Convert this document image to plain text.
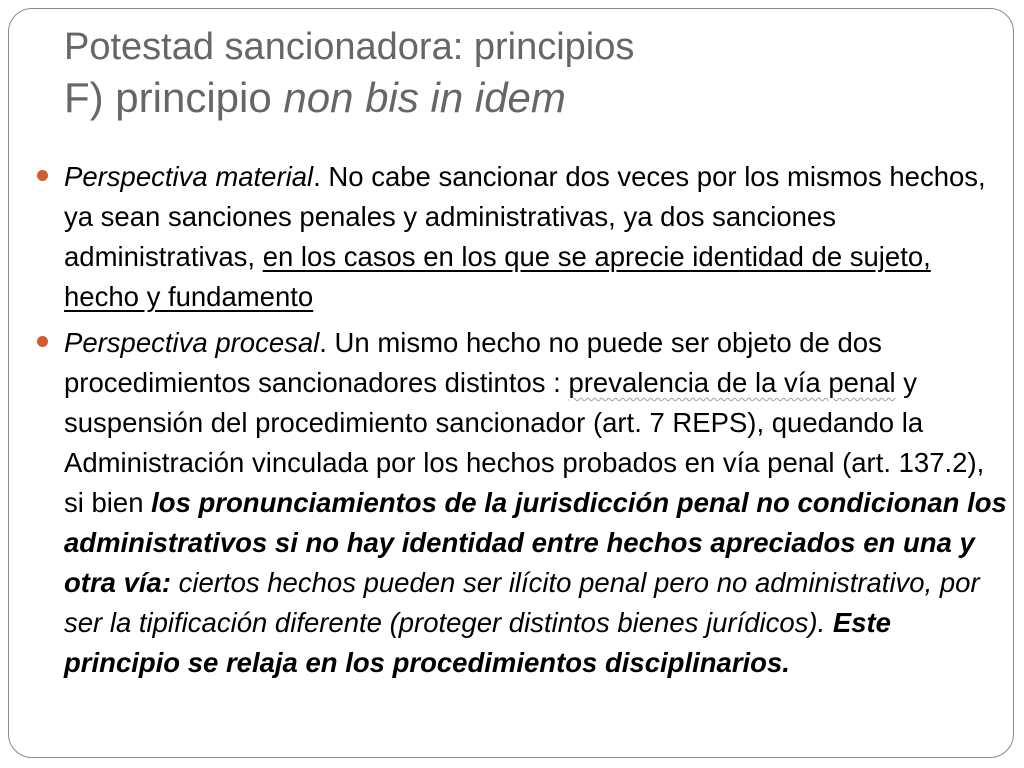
Potestad sancionadora: principios
F) principio non bis in idem
Perspectiva material. No cabe sancionar dos veces por los mismos hechos, ya sean sanciones penales y administrativas, ya dos sanciones administrativas, en los casos en los que se aprecie identidad de sujeto, hecho y fundamento
Perspectiva procesal. Un mismo hecho no puede ser objeto de dos procedimientos sancionadores distintos : prevalencia de la vía penal y suspensión del procedimiento sancionador (art. 7 REPS), quedando la Administración vinculada por los hechos probados en vía penal (art. 137.2), si bien los pronunciamientos de la jurisdicción penal no condicionan los administrativos si no hay identidad entre hechos apreciados en una y otra vía: ciertos hechos pueden ser ilícito penal pero no administrativo, por ser la tipificación diferente (proteger distintos bienes jurídicos). Este principio se relaja en los procedimientos disciplinarios.
